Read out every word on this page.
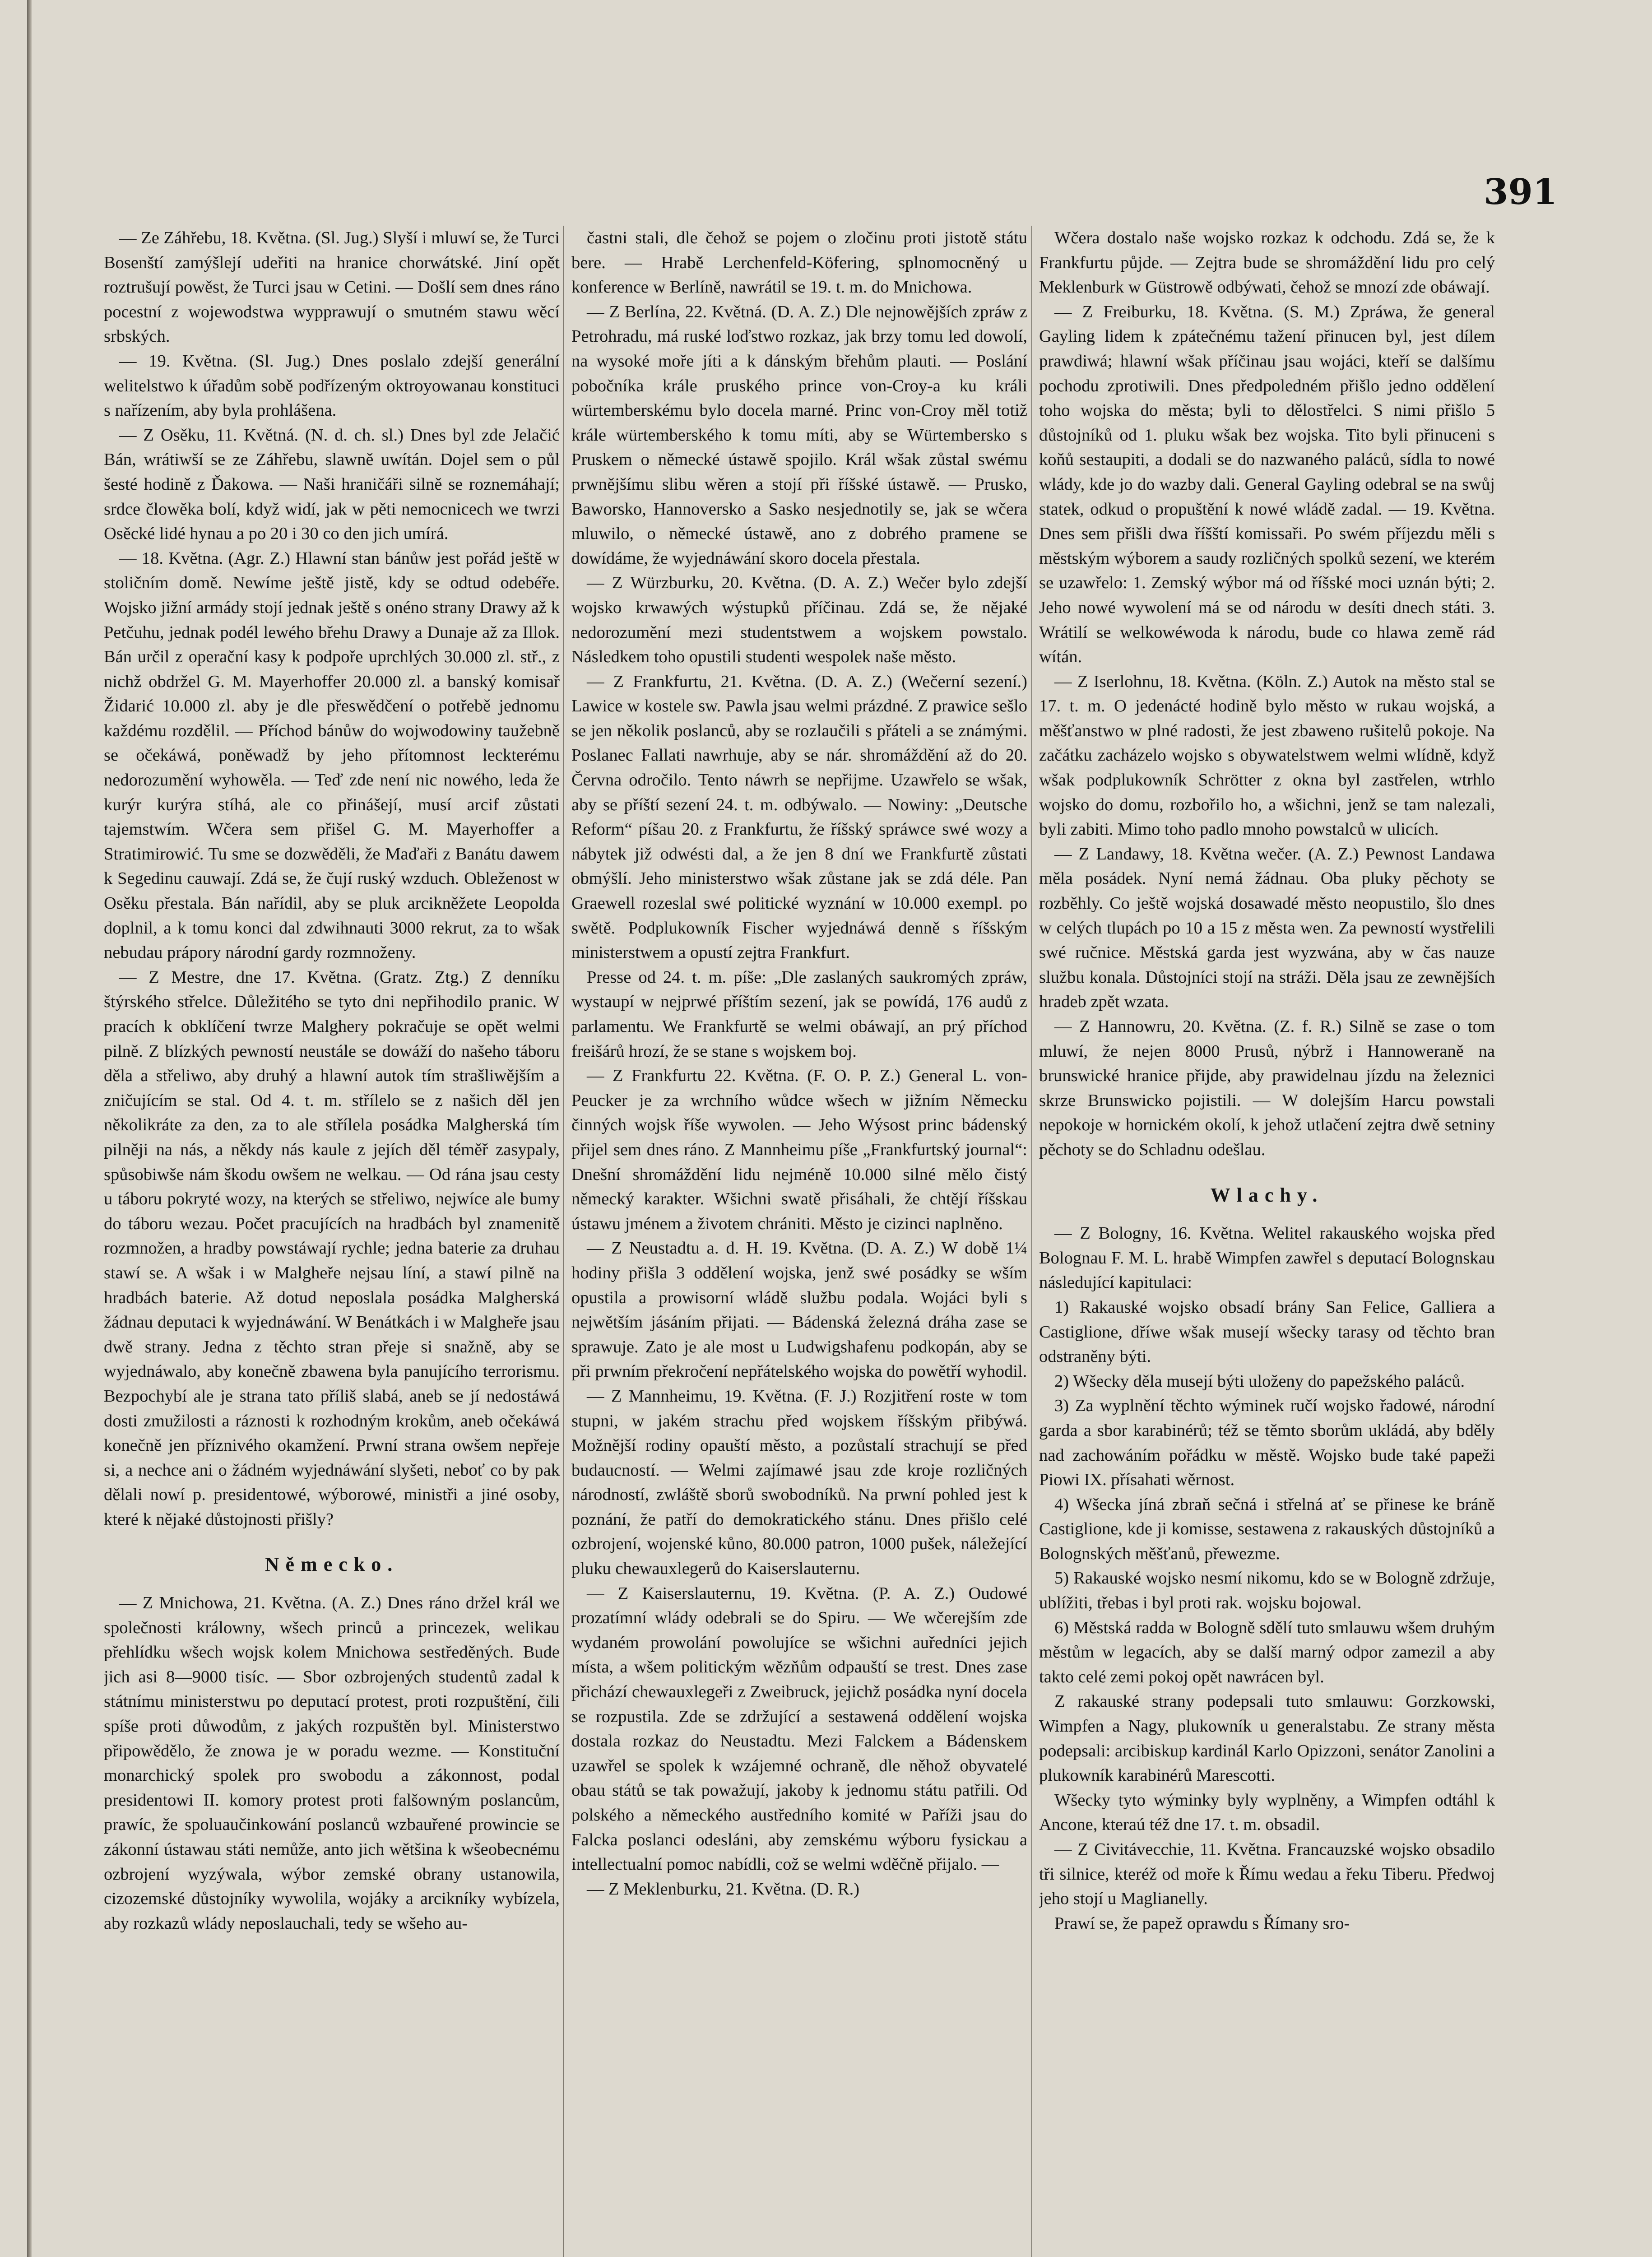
391

— Ze Záhřebu, 18. Května. (Sl. Jug.) Slyší i mluwí se, že Turci Bosenští zamýšlejí udeřiti na hranice chorwátské. Jiní opět roztrušují powěst, že Turci jsau w Cetini. — Došlí sem dnes ráno pocestní z wojewodstwa wypprawují o smutném stawu wěcí srbských.

— 19. Května. (Sl. Jug.) Dnes poslalo zdejší generální welitelstwo k úřadům sobě podřízeným oktroyowanau konstituci s nařízením, aby byla prohlášena.

— Z Osěku, 11. Květná. (N. d. ch. sl.) Dnes byl zde Jelačić Bán, wrátiwší se ze Záhřebu, slawně uwítán. Dojel sem o půl šesté hodině z Ďakowa. — Naši hraničáři silně se roznemáhají; srdce člowěka bolí, když widí, jak w pěti nemocnicech we twrzi Osěcké lidé hynau a po 20 i 30 co den jich umírá.

— 18. Května. (Agr. Z.) Hlawní stan bánůw jest pořád ještě w stoličním domě. Newíme ještě jistě, kdy se odtud odebéře. Wojsko jižní armády stojí jednak ještě s onéno strany Drawy až k Petčuhu, jednak podél lewého břehu Drawy a Dunaje až za Illok. Bán určil z operační kasy k podpoře uprchlých 30.000 zl. stř., z nichž obdržel G. M. Mayerhoffer 20.000 zl. a banský komisař Židarić 10.000 zl. aby je dle přeswědčení o potřebě jednomu každému rozdělil. — Příchod bánůw do wojwodowiny taužebně se očekáwá, poněwadž by jeho přítomnost leckterému nedorozumění wyhowěla. — Teď zde není nic nowého, leda že kurýr kurýra stíhá, ale co přinášejí, musí arcif zůstati tajemstwím. Wčera sem přišel G. M. Mayerhoffer a Stratimirowić. Tu sme se dozwěděli, že Maďaři z Banátu dawem k Segedinu cauwají. Zdá se, že čují ruský wzduch. Obleženost w Osěku přestala. Bán nařídil, aby se pluk arcikněžete Leopolda doplnil, a k tomu konci dal zdwihnauti 3000 rekrut, za to wšak nebudau prápory národní gardy rozmnoženy.

— Z Mestre, dne 17. Května. (Gratz. Ztg.) Z denníku štýrského střelce. Důležitého se tyto dni nepřihodilo pranic. W pracích k obklíčení twrze Malghery pokračuje se opět welmi pilně. Z blízkých pewností neustále se dowáží do našeho táboru děla a střeliwo, aby druhý a hlawní autok tím strašliwějším a zničujícím se stal. Od 4. t. m. střílelo se z našich děl jen několikráte za den, za to ale střílela posádka Malgherská tím pilněji na nás, a někdy nás kaule z jejích děl téměř zasypaly, spůsobiwše nám škodu owšem ne welkau. — Od rána jsau cesty u táboru pokryté wozy, na kterých se střeliwo, nejwíce ale bumy do táboru wezau. Počet pracujících na hradbách byl znamenitě rozmnožen, a hradby powstáwají rychle; jedna baterie za druhau stawí se. A wšak i w Malgheře nejsau líní, a stawí pilně na hradbách baterie. Až dotud neposlala posádka Malgherská žádnau deputaci k wyjednáwání. W Benátkách i w Malgheře jsau dwě strany. Jedna z těchto stran přeje si snažně, aby se wyjednáwalo, aby konečně zbawena byla panujícího terrorismu. Bezpochybí ale je strana tato příliš slabá, aneb se jí nedostáwá dosti zmužilosti a ráznosti k rozhodným krokům, aneb očekáwá konečně jen příznivého okamžení. Prwní strana owšem nepřeje si, a nechce ani o žádném wyjednáwání slyšeti, neboť co by pak dělali nowí p. presidentowé, wýborowé, ministři a jiné osoby, které k nějaké důstojnosti přišly?

Německo.

— Z Mnichowa, 21. Května. (A. Z.) Dnes ráno držel král we společnosti králowny, wšech princů a princezek, welikau přehlídku wšech wojsk kolem Mnichowa sestředěných. Bude jich asi 8—9000 tisíc. — Sbor ozbrojených studentů zadal k státnímu ministerstwu po deputací protest, proti rozpuštění, čili spíše proti důwodům, z jakých rozpuštěn byl. Ministerstwo připowědělo, že znowa je w poradu wezme. — Konstituční monarchický spolek pro swobodu a zákonnost, podal presidentowi II. komory protest proti falšowným poslancům, prawíc, že spoluaučinkowání poslanců wzbauřené prowincie se zákonní ústawau státi nemůže, anto jich wětšina k wšeobecnému ozbrojení wyzýwala, wýbor zemské obrany ustanowila, cizozemské důstojníky wywolila, wojáky a arcikníky wybízela, aby rozkazů wlády neposlauchali, tedy se wšeho au-

častni stali, dle čehož se pojem o zločinu proti jistotě státu bere. — Hrabě Lerchenfeld-Köfering, splnomocněný u konference w Berlíně, nawrátil se 19. t. m. do Mnichowa.

— Z Berlína, 22. Květná. (D. A. Z.) Dle nejnowějších zpráw z Petrohradu, má ruské loďstwo rozkaz, jak brzy tomu led dowolí, na wysoké moře jíti a k dánským břehům plauti. — Poslání pobočníka krále pruského prince von-Croy-a ku králi würtemberskému bylo docela marné. Princ von-Croy měl totiž krále würtemberského k tomu míti, aby se Würtembersko s Pruskem o německé ústawě spojilo. Král wšak zůstal swému prwnějšímu slibu wěren a stojí při říšské ústawě. — Prusko, Baworsko, Hannoversko a Sasko nesjednotily se, jak se wčera mluwilo, o německé ústawě, ano z dobrého pramene se dowídáme, že wyjednáwání skoro docela přestala.

— Z Würzburku, 20. Května. (D. A. Z.) Wečer bylo zdejší wojsko krwawých wýstupků příčinau. Zdá se, že nějaké nedorozumění mezi studentstwem a wojskem powstalo. Následkem toho opustili studenti wespolek naše město.

— Z Frankfurtu, 21. Května. (D. A. Z.) (Wečerní sezení.) Lawice w kostele sw. Pawla jsau welmi prázdné. Z prawice sešlo se jen několik poslanců, aby se rozlaučili s přáteli a se známými. Poslanec Fallati nawrhuje, aby se nár. shromáždění až do 20. Června odročilo. Tento náwrh se nepřijme. Uzawřelo se wšak, aby se příští sezení 24. t. m. odbýwalo. — Nowiny: „Deutsche Reform“ píšau 20. z Frankfurtu, že říšský spráwce swé wozy a nábytek již odwésti dal, a že jen 8 dní we Frankfurtě zůstati obmýšlí. Jeho ministerstwo wšak zůstane jak se zdá déle. Pan Graewell rozeslal swé politické wyznání w 10.000 exempl. po swětě. Podplukowník Fischer wyjednáwá denně s říšským ministerstwem a opustí zejtra Frankfurt.

Presse od 24. t. m. píše: „Dle zaslaných saukromých zpráw, wystaupí w nejprwé příštím sezení, jak se powídá, 176 audů z parlamentu. We Frankfurtě se welmi obáwají, an prý příchod freišárů hrozí, že se stane s wojskem boj.

— Z Frankfurtu 22. Května. (F. O. P. Z.) General L. von-Peucker je za wrchního wůdce wšech w jižním Německu činných wojsk říše wywolen. — Jeho Wýsost princ bádenský přijel sem dnes ráno. Z Mannheimu píše „Frankfurtský journal“: Dnešní shromáždění lidu nejméně 10.000 silné mělo čistý německý karakter. Wšichni swatě přisáhali, že chtějí říšskau ústawu jménem a životem chrániti. Město je cizinci naplněno.

— Z Neustadtu a. d. H. 19. Května. (D. A. Z.) W době 1¼ hodiny přišla 3 oddělení wojska, jenž swé posádky se wším opustila a prowisorní wládě službu podala. Wojáci byli s nejwětším jásáním přijati. — Bádenská železná dráha zase se sprawuje. Zato je ale most u Ludwigshafenu podkopán, aby se při prwním překročení nepřátelského wojska do powětří wyhodil.

— Z Mannheimu, 19. Května. (F. J.) Rozjitření roste w tom stupni, w jakém strachu před wojskem říšským přibýwá. Možnější rodiny opauští město, a pozůstalí strachují se před budaucností. — Welmi zajímawé jsau zde kroje rozličných národností, zwláště sborů swobodníků. Na prwní pohled jest k poznání, že patří do demokratického stánu. Dnes přišlo celé ozbrojení, wojenské kůno, 80.000 patron, 1000 pušek, náležející pluku chewauxlegerů do Kaiserslauternu.

— Z Kaiserslauternu, 19. Května. (P. A. Z.) Oudowé prozatímní wlády odebrali se do Spiru. — We wčerejším zde wydaném prowolání powolujíce se wšichni auředníci jejich místa, a wšem politickým wězňům odpauští se trest. Dnes zase přichází chewauxlegeři z Zweibruck, jejichž posádka nyní docela se rozpustila. Zde se zdržující a sestawená oddělení wojska dostala rozkaz do Neustadtu. Mezi Falckem a Bádenskem uzawřel se spolek k wzájemné ochraně, dle něhož obyvatelé obau států se tak powažují, jakoby k jednomu státu patřili. Od polského a německého austředního komité w Paříži jsau do Falcka poslanci odesláni, aby zemskému wýboru fysickau a intellectualní pomoc nabídli, což se welmi wděčně přijalo. —

— Z Meklenburku, 21. Května. (D. R.)

Wčera dostalo naše wojsko rozkaz k odchodu. Zdá se, že k Frankfurtu půjde. — Zejtra bude se shromáždění lidu pro celý Meklenburk w Güstrowě odbýwati, čehož se mnozí zde obáwají.

— Z Freiburku, 18. Května. (S. M.) Zpráwa, že general Gayling lidem k zpátečnému tažení přinucen byl, jest dílem prawdiwá; hlawní wšak příčinau jsau wojáci, kteří se dalšímu pochodu zprotiwili. Dnes předpoledném přišlo jedno oddělení toho wojska do města; byli to dělostřelci. S nimi přišlo 5 důstojníků od 1. pluku wšak bez wojska. Tito byli přinuceni s koňů sestaupiti, a dodali se do nazwaného paláců, sídla to nowé wlády, kde jo do wazby dali. General Gayling odebral se na swůj statek, odkud o propuštění k nowé wládě zadal. — 19. Května. Dnes sem přišli dwa říšští komissaři. Po swém příjezdu měli s městským wýborem a saudy rozličných spolků sezení, we kterém se uzawřelo: 1. Zemský wýbor má od říšské moci uznán býti; 2. Jeho nowé wywolení má se od národu w desíti dnech státi. 3. Wrátilí se welkowéwoda k národu, bude co hlawa země rád wítán.

— Z Iserlohnu, 18. Května. (Köln. Z.) Autok na město stal se 17. t. m. O jedenácté hodině bylo město w rukau wojská, a měšťanstwo w plné radosti, že jest zbaweno rušitelů pokoje. Na začátku zacházelo wojsko s obywatelstwem welmi wlídně, když wšak podplukowník Schrötter z okna byl zastřelen, wtrhlo wojsko do domu, rozbořilo ho, a wšichni, jenž se tam nalezali, byli zabiti. Mimo toho padlo mnoho powstalců w ulicích.

— Z Landawy, 18. Května wečer. (A. Z.) Pewnost Landawa měla posádek. Nyní nemá žádnau. Oba pluky pěchoty se rozběhly. Co ještě wojská dosawadé město neopustilo, šlo dnes w celých tlupách po 10 a 15 z města wen. Za pewností wystřelili swé ručnice. Městská garda jest wyzwána, aby w čas nauze službu konala. Důstojníci stojí na stráži. Děla jsau ze zewnějších hradeb zpět wzata.

— Z Hannowru, 20. Května. (Z. f. R.) Silně se zase o tom mluwí, že nejen 8000 Prusů, nýbrž i Hannoweraně na brunswické hranice přijde, aby prawidelnau jízdu na železnici skrze Brunswicko pojistili. — W dolejším Harcu powstali nepokoje w hornickém okolí, k jehož utlačení zejtra dwě setniny pěchoty se do Schladnu odešlau.

Wlachy.

— Z Bologny, 16. Května. Welitel rakauského wojska před Bolognau F. M. L. hrabě Wimpfen zawřel s deputací Bolognskau následující kapitulaci:

1) Rakauské wojsko obsadí brány San Felice, Galliera a Castiglione, dříwe wšak musejí wšecky tarasy od těchto bran odstraněny býti.

2) Wšecky děla musejí býti uloženy do papežského paláců.

3) Za wyplnění těchto wýminek ručí wojsko řadowé, národní garda a sbor karabinérů; též se těmto sborům ukládá, aby bděly nad zachowáním pořádku w městě. Wojsko bude také papeži Piowi IX. přísahati wěrnost.

4) Wšecka jíná zbraň sečná i střelná ať se přinese ke bráně Castiglione, kde ji komisse, sestawena z rakauských důstojníků a Bolognských měšťanů, přewezme.

5) Rakauské wojsko nesmí nikomu, kdo se w Bologně zdržuje, ublížiti, třebas i byl proti rak. wojsku bojowal.

6) Městská radda w Bologně sdělí tuto smlauwu wšem druhým městům w legacích, aby se další marný odpor zamezil a aby takto celé zemi pokoj opět nawrácen byl.

Z rakauské strany podepsali tuto smlauwu: Gorzkowski, Wimpfen a Nagy, plukowník u generalstabu. Ze strany města podepsali: arcibiskup kardinál Karlo Opizzoni, senátor Zanolini a plukowník karabinérů Marescotti.

Wšecky tyto wýminky byly wyplněny, a Wimpfen odtáhl k Ancone, kteraú též dne 17. t. m. obsadil.

— Z Civitávecchie, 11. Května. Francauzské wojsko obsadilo tři silnice, kteréž od moře k Římu wedau a řeku Tiberu. Předwoj jeho stojí u Maglianelly.

Prawí se, že papež oprawdu s Římany sro-
